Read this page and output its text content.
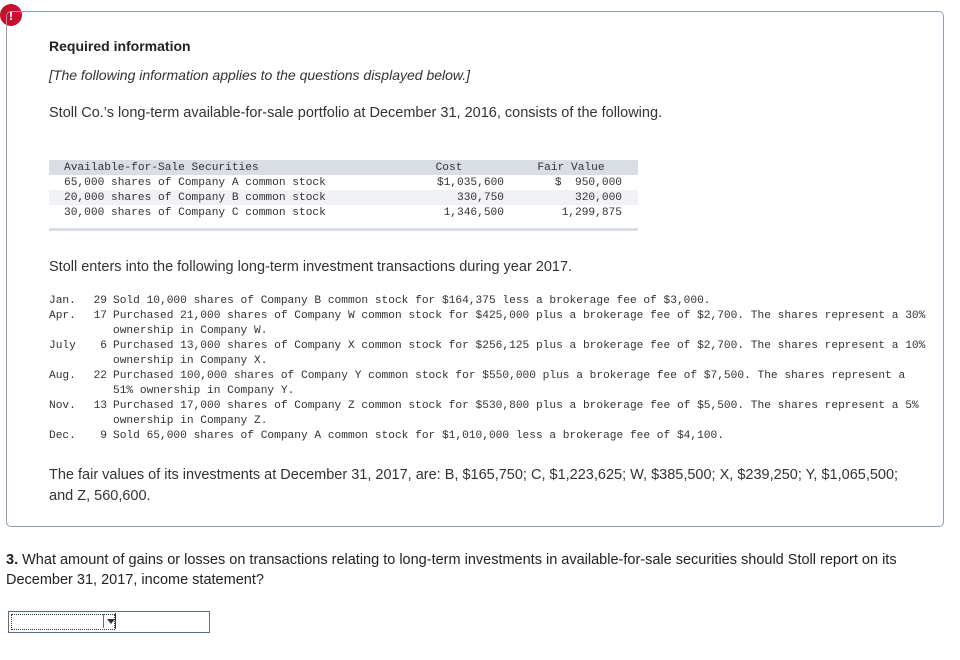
!
Required information
[The following information applies to the questions displayed below.]
Stoll Co.’s long-term available-for-sale portfolio at December 31, 2016, consists of the following.
Available-for-Sale Securities	Cost	Fair Value
65,000 shares of Company A common stock	$1,035,600	$  950,000
20,000 shares of Company B common stock	330,750	320,000
30,000 shares of Company C common stock	1,346,500	1,299,875
Stoll enters into the following long-term investment transactions during year 2017.
Jan.	29 Sold 10,000 shares of Company B common stock for $164,375 less a brokerage fee of $3,000.
Apr.	17 Purchased 21,000 shares of Company W common stock for $425,000 plus a brokerage fee of $2,700. The shares represent a 30% ownership in Company W.
July	6 Purchased 13,000 shares of Company X common stock for $256,125 plus a brokerage fee of $2,700. The shares represent a 10% ownership in Company X.
Aug.	22 Purchased 100,000 shares of Company Y common stock for $550,000 plus a brokerage fee of $7,500. The shares represent a 51% ownership in Company Y.
Nov.	13 Purchased 17,000 shares of Company Z common stock for $530,800 plus a brokerage fee of $5,500. The shares represent a 5% ownership in Company Z.
Dec.	9 Sold 65,000 shares of Company A common stock for $1,010,000 less a brokerage fee of $4,100.
The fair values of its investments at December 31, 2017, are: B, $165,750; C, $1,223,625; W, $385,500; X, $239,250; Y, $1,065,500; and Z, 560,600.
3. What amount of gains or losses on transactions relating to long-term investments in available-for-sale securities should Stoll report on its December 31, 2017, income statement?
